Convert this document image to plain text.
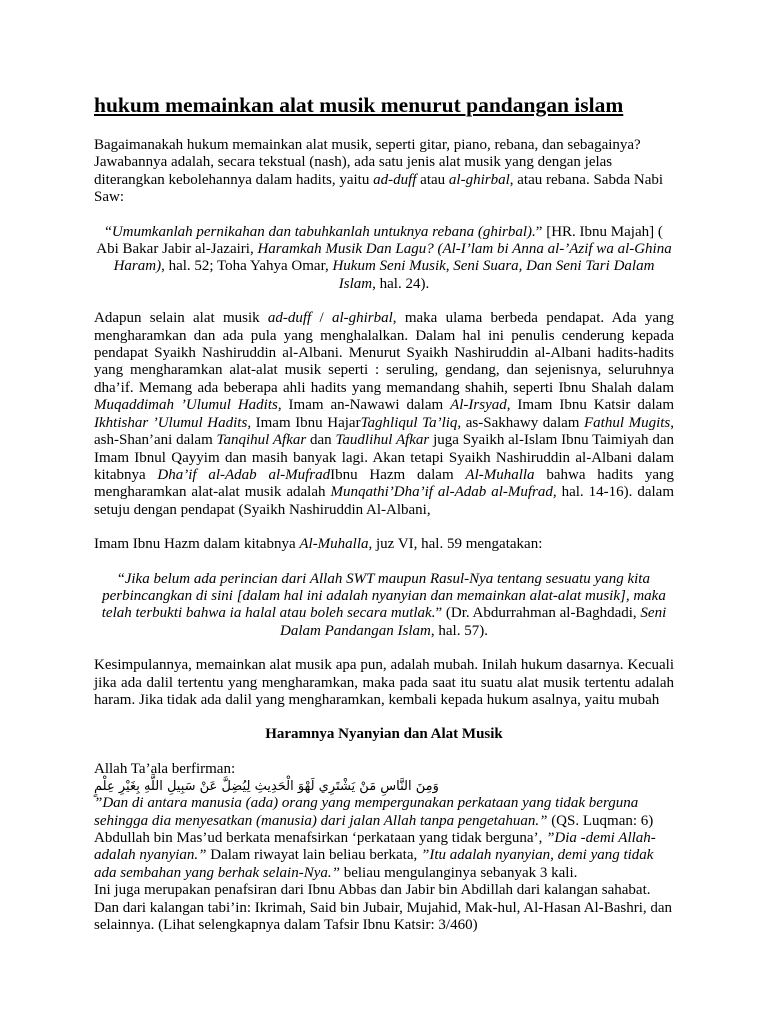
hukum memainkan alat musik menurut pandangan islam

Bagaimanakah hukum memainkan alat musik, seperti gitar, piano, rebana, dan sebagainya? Jawabannya adalah, secara tekstual (nash), ada satu jenis alat musik yang dengan jelas diterangkan kebolehannya dalam hadits, yaitu ad-duff atau al-ghirbal, atau rebana. Sabda Nabi Saw:

“Umumkanlah pernikahan dan tabuhkanlah untuknya rebana (ghirbal).” [HR. Ibnu Majah] ( Abi Bakar Jabir al-Jazairi, Haramkah Musik Dan Lagu? (Al-I’lam bi Anna al-’Azif wa al-Ghina Haram), hal. 52; Toha Yahya Omar, Hukum Seni Musik, Seni Suara, Dan Seni Tari Dalam Islam, hal. 24).

Adapun selain alat musik ad-duff / al-ghirbal, maka ulama berbeda pendapat. Ada yang mengharamkan dan ada pula yang menghalalkan. Dalam hal ini penulis cenderung kepada pendapat Syaikh Nashiruddin al-Albani. Menurut Syaikh Nashiruddin al-Albani hadits-hadits yang mengharamkan alat-alat musik seperti : seruling, gendang, dan sejenisnya, seluruhnya dha’if. Memang ada beberapa ahli hadits yang memandang shahih, seperti Ibnu Shalah dalam Muqaddimah ’Ulumul Hadits, Imam an-Nawawi dalam Al-Irsyad, Imam Ibnu Katsir dalam Ikhtishar ’Ulumul Hadits, Imam Ibnu HajarTaghliqul Ta’liq, as-Sakhawy dalam Fathul Mugits, ash-Shan’ani dalam Tanqihul Afkar dan Taudlihul Afkar juga Syaikh al-Islam Ibnu Taimiyah dan Imam Ibnul Qayyim dan masih banyak lagi. Akan tetapi Syaikh Nashiruddin al-Albani dalam kitabnya Dha’if al-Adab al-MufradIbnu Hazm dalam Al-Muhalla bahwa hadits yang mengharamkan alat-alat musik adalah Munqathi’Dha’if al-Adab al-Mufrad, hal. 14-16). dalam setuju dengan pendapat (Syaikh Nashiruddin Al-Albani,

Imam Ibnu Hazm dalam kitabnya Al-Muhalla, juz VI, hal. 59 mengatakan:

“Jika belum ada perincian dari Allah SWT maupun Rasul-Nya tentang sesuatu yang kita perbincangkan di sini [dalam hal ini adalah nyanyian dan memainkan alat-alat musik], maka telah terbukti bahwa ia halal atau boleh secara mutlak.” (Dr. Abdurrahman al-Baghdadi, Seni Dalam Pandangan Islam, hal. 57).

Kesimpulannya, memainkan alat musik apa pun, adalah mubah. Inilah hukum dasarnya. Kecuali jika ada dalil tertentu yang mengharamkan, maka pada saat itu suatu alat musik tertentu adalah haram. Jika tidak ada dalil yang mengharamkan, kembali kepada hukum asalnya, yaitu mubah

Haramnya Nyanyian dan Alat Musik

Allah Ta’ala berfirman:

وَمِنَ النَّاسِ مَنْ يَشْتَرِي لَهْوَ الْحَدِيثِ لِيُضِلَّ عَنْ سَبِيلِ اللَّهِ بِغَيْرِ عِلْمٍ

”Dan di antara manusia (ada) orang yang mempergunakan perkataan yang tidak berguna sehingga dia menyesatkan (manusia) dari jalan Allah tanpa pengetahuan.” (QS. Luqman: 6)

Abdullah bin Mas’ud berkata menafsirkan ‘perkataan yang tidak berguna’, ”Dia -demi Allah- adalah nyanyian.” Dalam riwayat lain beliau berkata, ”Itu adalah nyanyian, demi yang tidak ada sembahan yang berhak selain-Nya.” beliau mengulanginya sebanyak 3 kali.

Ini juga merupakan penafsiran dari Ibnu Abbas dan Jabir bin Abdillah dari kalangan sahabat. Dan dari kalangan tabi’in: Ikrimah, Said bin Jubair, Mujahid, Mak-hul, Al-Hasan Al-Bashri, dan selainnya. (Lihat selengkapnya dalam Tafsir Ibnu Katsir: 3/460)
